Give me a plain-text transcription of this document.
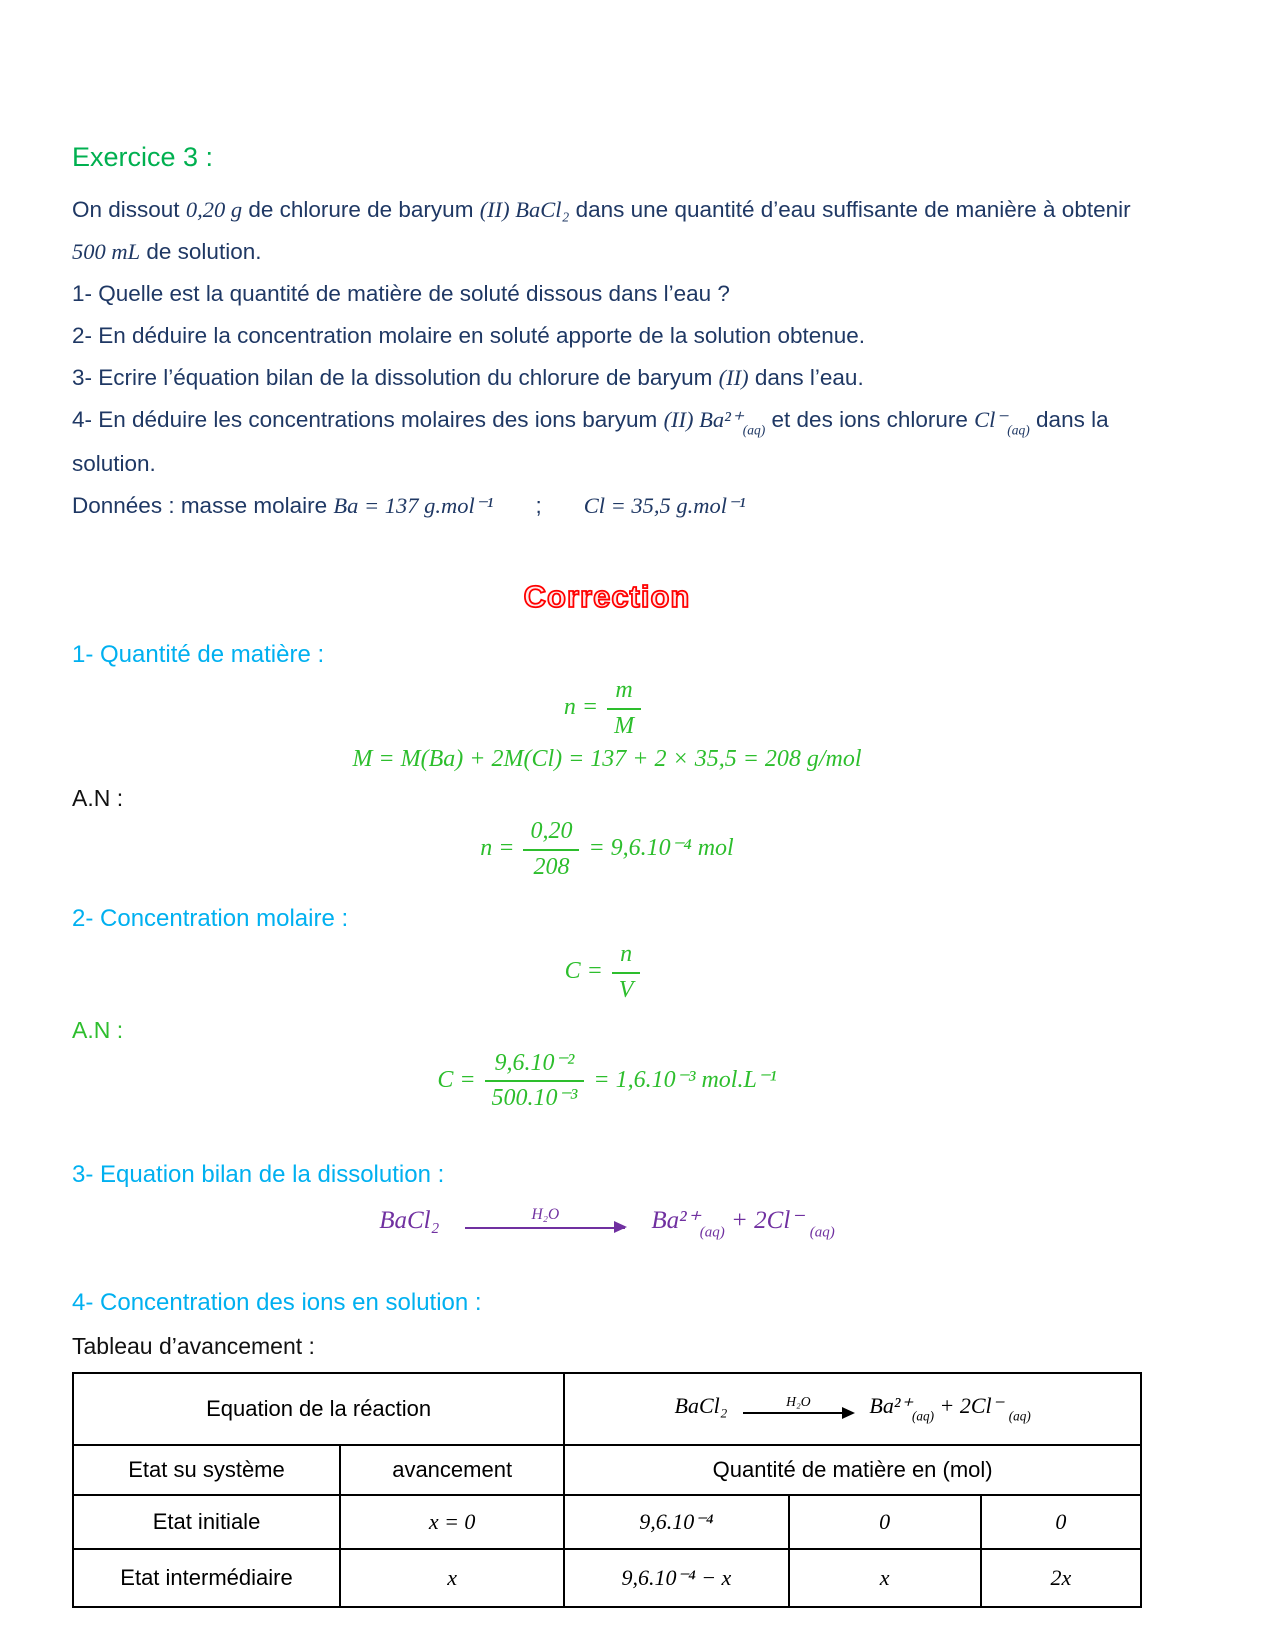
Exercice 3 :

On dissout 0,20 g de chlorure de baryum (II) BaCl₂ dans une quantité d’eau suffisante de manière à obtenir 500 mL de solution.

1- Quelle est la quantité de matière de soluté dissous dans l’eau ?

2- En déduire la concentration molaire en soluté apporte de la solution obtenue.

3- Ecrire l’équation bilan de la dissolution du chlorure de baryum (II) dans l’eau.

4- En déduire les concentrations molaires des ions baryum (II) $Ba^{2+}_{(aq)}$ et des ions chlorure $Cl^-_{(aq)}$ dans la solution.

Données : masse molaire Ba = 137 g.mol⁻¹ ; Cl = 35,5 g.mol⁻¹

Correction
1- Quantité de matière :
$n = \frac{m}{M}$
M = M(Ba) + 2M(Cl) = 137 + 2 × 35,5 = 208 g/mol
A.N :
$n = \frac{0,20}{208} = 9,6.10^{-4}$ mol
2- Concentration molaire :
$C = \frac{n}{V}$
A.N :
$C = \frac{\text{9,6.10⁻²}}{\text{500.10⁻³}} = 1,6.10^{-3}$ mol.L⁻¹
3- Equation bilan de la dissolution :
BaCl₂	H₂O	$Ba^{2+}_{(aq)} + 2Cl^-$ $_{(aq)}$
4- Concentration des ions en solution :
Tableau d’avancement :
Equation de la réaction		BaCl₂ H₂O $Ba^{2+}_{(aq)} + 2Cl^-$ $_{(aq)}$

Etat su système	avancement	Quantité de matière en (mol)		
Etat initiale	x = 0	9,6.10⁻⁴	0	0
Etat intermédiaire	x	9,6.10⁻⁴ − x	x	2x
